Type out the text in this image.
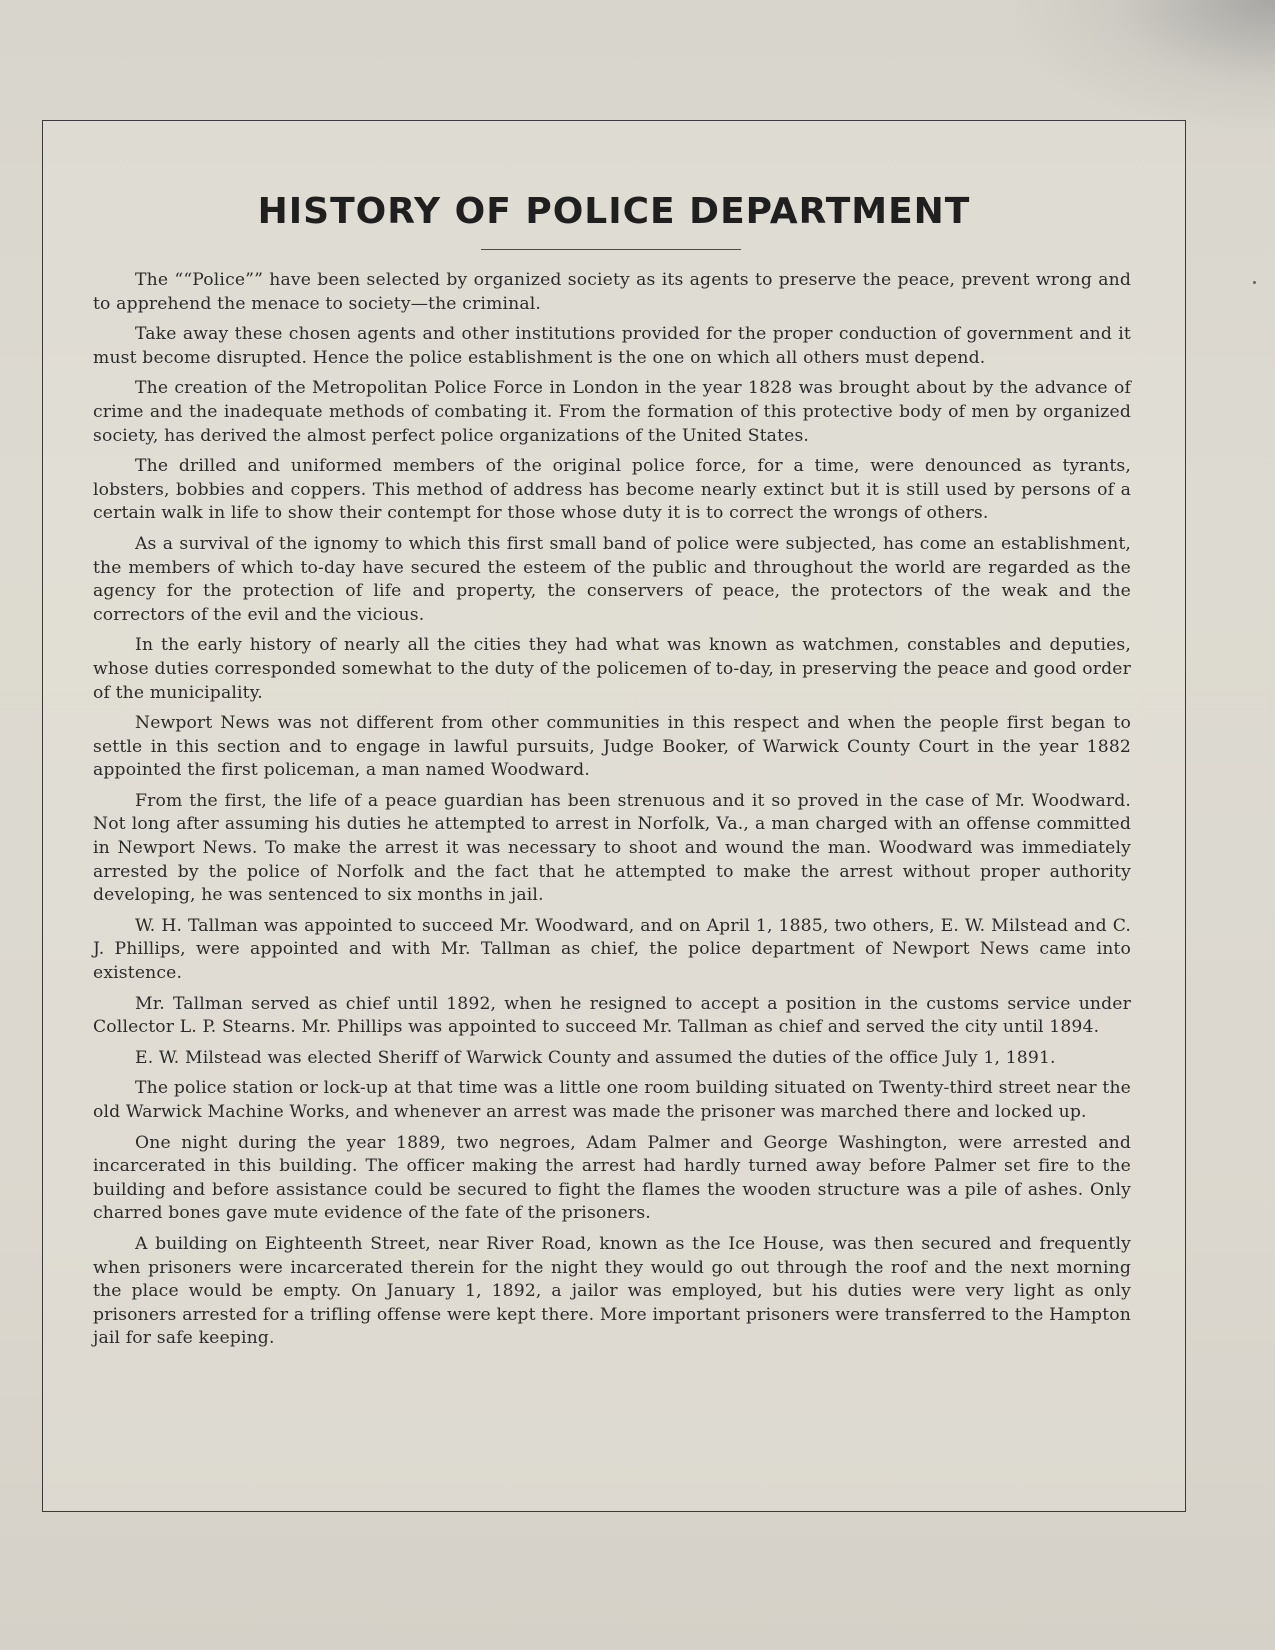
HISTORY OF POLICE DEPARTMENT

The ““Police”” have been selected by organized society as its agents to preserve the peace, prevent wrong and to apprehend the menace to society—the criminal.

Take away these chosen agents and other institutions provided for the proper conduction of government and it must become disrupted. Hence the police establishment is the one on which all others must depend.

The creation of the Metropolitan Police Force in London in the year 1828 was brought about by the advance of crime and the inadequate methods of combating it. From the formation of this protective body of men by organized society, has derived the almost perfect police organizations of the United States.

The drilled and uniformed members of the original police force, for a time, were denounced as tyrants, lobsters, bobbies and coppers. This method of address has become nearly extinct but it is still used by persons of a certain walk in life to show their contempt for those whose duty it is to correct the wrongs of others.

As a survival of the ignomy to which this first small band of police were subjected, has come an establishment, the members of which to-day have secured the esteem of the public and throughout the world are regarded as the agency for the protection of life and property, the conservers of peace, the protectors of the weak and the correctors of the evil and the vicious.

In the early history of nearly all the cities they had what was known as watchmen, constables and deputies, whose duties corresponded somewhat to the duty of the policemen of to-day, in preserving the peace and good order of the municipality.

Newport News was not different from other communities in this respect and when the people first began to settle in this section and to engage in lawful pursuits, Judge Booker, of Warwick County Court in the year 1882 appointed the first policeman, a man named Woodward.

From the first, the life of a peace guardian has been strenuous and it so proved in the case of Mr. Woodward. Not long after assuming his duties he attempted to arrest in Norfolk, Va., a man charged with an offense committed in Newport News. To make the arrest it was necessary to shoot and wound the man. Woodward was immediately arrested by the police of Norfolk and the fact that he attempted to make the arrest without proper authority developing, he was sentenced to six months in jail.

W. H. Tallman was appointed to succeed Mr. Woodward, and on April 1, 1885, two others, E. W. Milstead and C. J. Phillips, were appointed and with Mr. Tallman as chief, the police department of Newport News came into existence.

Mr. Tallman served as chief until 1892, when he resigned to accept a position in the customs service under Collector L. P. Stearns. Mr. Phillips was appointed to succeed Mr. Tallman as chief and served the city until 1894.

E. W. Milstead was elected Sheriff of Warwick County and assumed the duties of the office July 1, 1891.

The police station or lock-up at that time was a little one room building situated on Twenty-third street near the old Warwick Machine Works, and whenever an arrest was made the prisoner was marched there and locked up.

One night during the year 1889, two negroes, Adam Palmer and George Washington, were arrested and incarcerated in this building. The officer making the arrest had hardly turned away before Palmer set fire to the building and before assistance could be secured to fight the flames the wooden structure was a pile of ashes. Only charred bones gave mute evidence of the fate of the prisoners.

A building on Eighteenth Street, near River Road, known as the Ice House, was then secured and frequently when prisoners were incarcerated therein for the night they would go out through the roof and the next morning the place would be empty. On January 1, 1892, a jailor was employed, but his duties were very light as only prisoners arrested for a trifling offense were kept there. More important prisoners were transferred to the Hampton jail for safe keeping.
